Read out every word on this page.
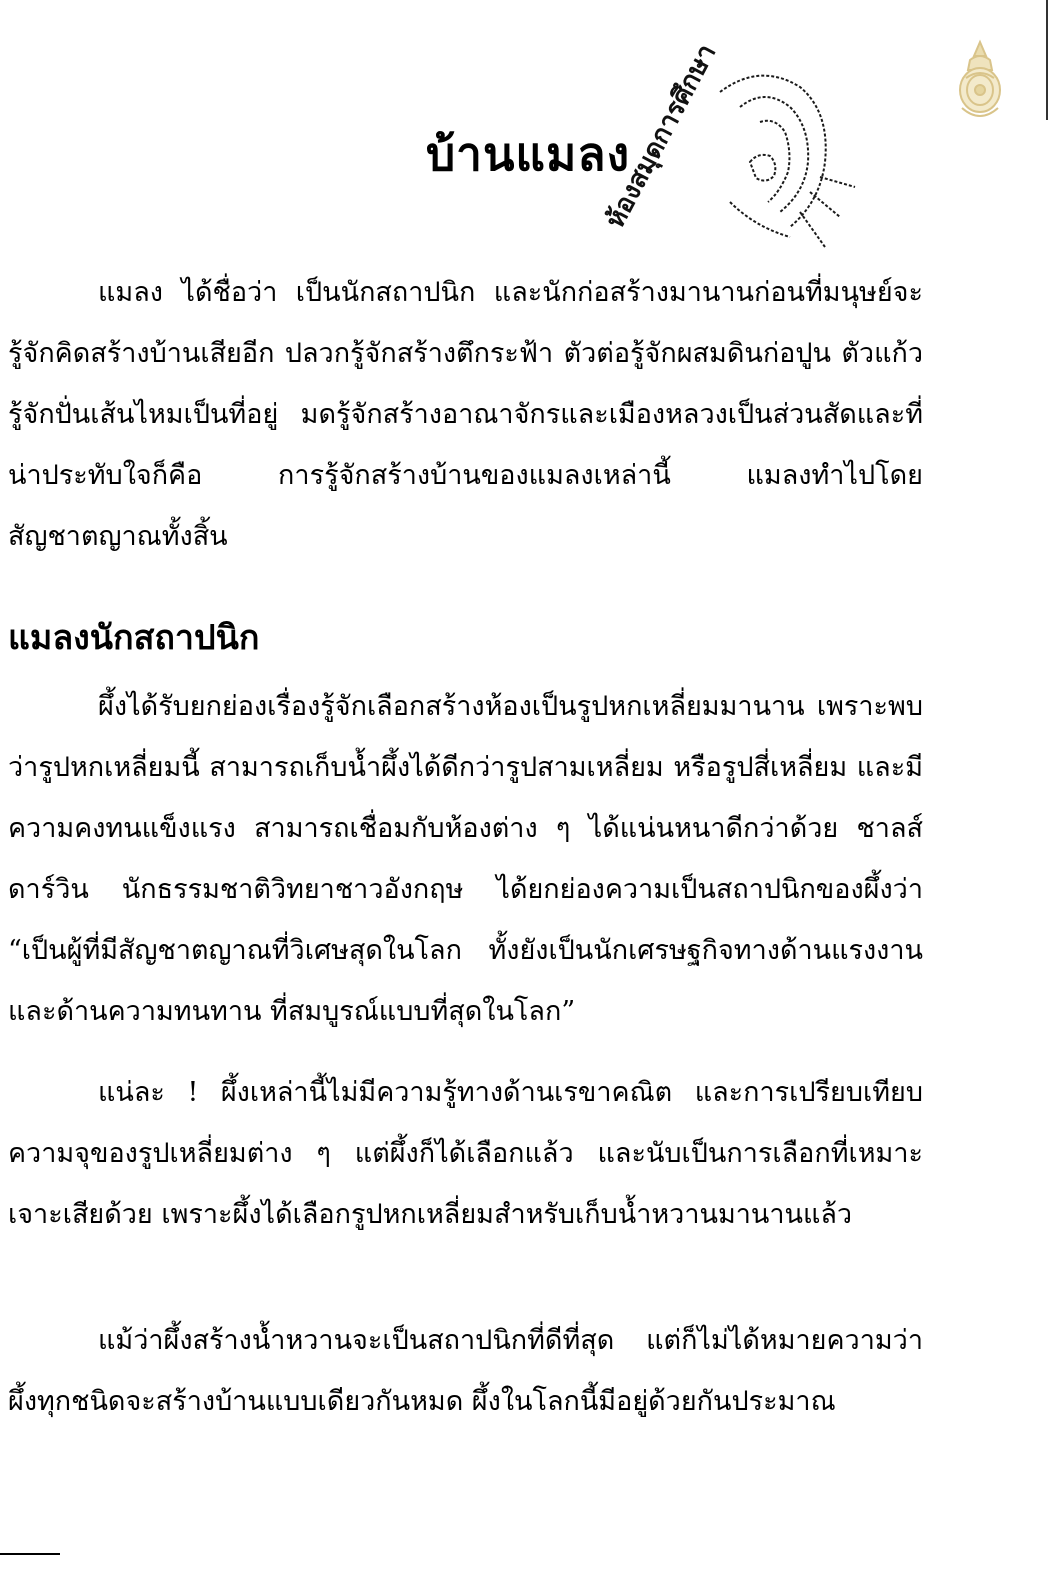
ห้องสมุดการศึกษา
บ้านแมลง

แมลง ได้ชื่อว่า เป็นนักสถาปนิก และนักก่อสร้างมานานก่อนที่มนุษย์จะรู้จักคิดสร้างบ้านเสียอีก ปลวกรู้จักสร้างตึกระฟ้า ตัวต่อรู้จักผสมดินก่อปูน ตัวแก้วรู้จักปั่นเส้นไหมเป็นที่อยู่ มดรู้จักสร้างอาณาจักรและเมืองหลวงเป็นส่วนสัดและที่น่าประทับใจก็คือ การรู้จักสร้างบ้านของแมลงเหล่านี้ แมลงทำไปโดยสัญชาตญาณทั้งสิ้น

แมลงนักสถาปนิก

ผึ้งได้รับยกย่องเรื่องรู้จักเลือกสร้างห้องเป็นรูปหกเหลี่ยมมานาน เพราะพบว่ารูปหกเหลี่ยมนี้ สามารถเก็บน้ำผึ้งได้ดีกว่ารูปสามเหลี่ยม หรือรูปสี่เหลี่ยม และมีความคงทนแข็งแรง สามารถเชื่อมกับห้องต่าง ๆ ได้แน่นหนาดีกว่าด้วย ชาลส์ ดาร์วิน นักธรรมชาติวิทยาชาวอังกฤษ ได้ยกย่องความเป็นสถาปนิกของผึ้งว่า “เป็นผู้ที่มีสัญชาตญาณที่วิเศษสุดในโลก ทั้งยังเป็นนักเศรษฐกิจทางด้านแรงงานและด้านความทนทาน ที่สมบูรณ์แบบที่สุดในโลก”

แน่ละ ! ผึ้งเหล่านี้ไม่มีความรู้ทางด้านเรขาคณิต และการเปรียบเทียบความจุของรูปเหลี่ยมต่าง ๆ แต่ผึ้งก็ได้เลือกแล้ว และนับเป็นการเลือกที่เหมาะเจาะเสียด้วย เพราะผึ้งได้เลือกรูปหกเหลี่ยมสำหรับเก็บน้ำหวานมานานแล้ว

แม้ว่าผึ้งสร้างน้ำหวานจะเป็นสถาปนิกที่ดีที่สุด แต่ก็ไม่ได้หมายความว่าผึ้งทุกชนิดจะสร้างบ้านแบบเดียวกันหมด ผึ้งในโลกนี้มีอยู่ด้วยกันประมาณ
